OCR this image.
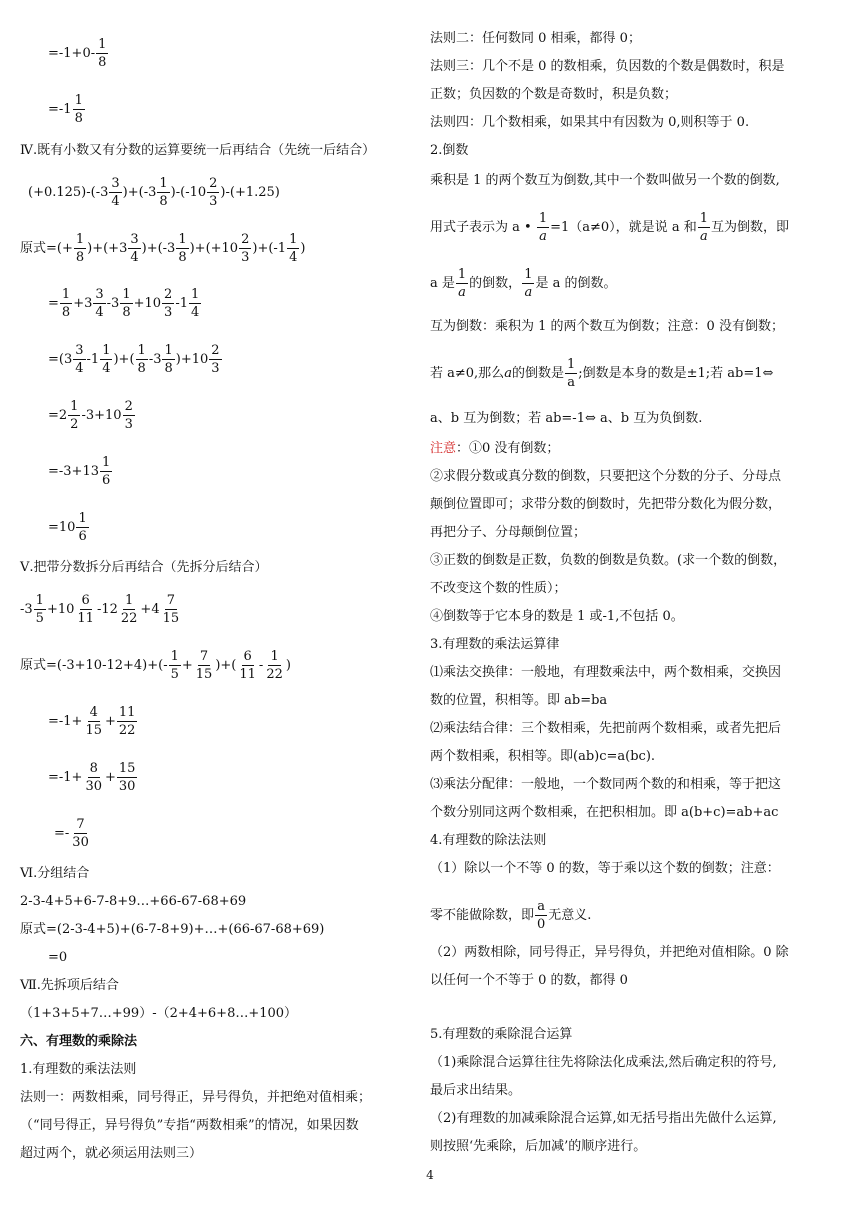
$=-1+0- \frac{1}{8}$
$=-1 \frac{1}{8}$
Ⅳ.既有小数又有分数的运算要统一后再结合（先统一后结合）
$(+0.125)-(-3 \frac{3}{4} )+(-3 \frac{1}{8} )-(-10 \frac{2}{3} )-(+1.25)$
原式=(+ $\frac{1}{8} )+(+3 \frac{3}{4} )+(-3 \frac{1}{8} )+(+10 \frac{2}{3} )+(-1 \frac{1}{4}$ )
= $\frac{1}{8} +3 \frac{3}{4} -3 \frac{1}{8} +10 \frac{2}{3} -1 \frac{1}{4}$
$=(3 \frac{3}{4} -1 \frac{1}{4}$ )+( $\frac{1}{8} -3 \frac{1}{8} )+10 \frac{2}{3}$
$=2 \frac{1}{2} -3+10 \frac{2}{3}$
$=-3+13 \frac{1}{6}$
$=10 \frac{1}{6}$
Ⅴ.把带分数拆分后再结合（先拆分后结合）
$-3 \frac{1}{5} +10 \frac{6}{11} -12 \frac{1}{22} +4 \frac{7}{15}$
原式$=(-3+10-12+4)+(- \frac{1}{5} + \frac{7}{15}$ )+( $\frac{6}{11} - \frac{1}{22}$ )
$=-1+ \frac{4}{15} + \frac{11}{22}$
$=-1+ \frac{8}{30} + \frac{15}{30}$
=- $\frac{7}{30}$
Ⅵ.分组结合
2-3-4+5+6-7-8+9…+66-67-68+69
原式=(2-3-4+5)+(6-7-8+9)+…+(66-67-68+69)
=0
Ⅶ.先拆项后结合
（1+3+5+7…+99）-（2+4+6+8…+100）
六、有理数的乘除法
1.有理数的乘法法则
法则一：两数相乘，同号得正，异号得负，并把绝对值相乘；
（“同号得正，异号得负”专指“两数相乘”的情况，如果因数
超过两个，就必须运用法则三）
法则二：任何数同 0 相乘，都得 0；
法则三：几个不是 0 的数相乘，负因数的个数是偶数时，积是
正数；负因数的个数是奇数时，积是负数；
法则四：几个数相乘，如果其中有因数为 0,则积等于 0.
2.倒数
乘积是 1 的两个数互为倒数,其中一个数叫做另一个数的倒数,
用式子表示为 a • $\frac{1}{a} =1(a\ne 0)$，就是说 a 和 $\frac{1}{a}$ 互为倒数，即
a 是 $\frac{1}{a}$ 的倒数， $\frac{1}{a}$ 是 a 的倒数。
互为倒数：乘积为 1 的两个数互为倒数；注意：0 没有倒数；
若 a≠0,那么a的倒数是 $\frac{1}{a}$ ;倒数是本身的数是±1;若 ab=1⇔
a、b 互为倒数；若 ab=-1⇔ a、b 互为负倒数.
注意：①0 没有倒数；
②求假分数或真分数的倒数，只要把这个分数的分子、分母点
颠倒位置即可；求带分数的倒数时，先把带分数化为假分数，
再把分子、分母颠倒位置；
③正数的倒数是正数，负数的倒数是负数。(求一个数的倒数，
不改变这个数的性质）；
④倒数等于它本身的数是 1 或-1,不包括 0。
3.有理数的乘法运算律
⑴乘法交换律：一般地，有理数乘法中，两个数相乘，交换因
数的位置，积相等。即 ab=ba
⑵乘法结合律：三个数相乘，先把前两个数相乘，或者先把后
两个数相乘，积相等。即(ab)c=a(bc).
⑶乘法分配律：一般地，一个数同两个数的和相乘，等于把这
个数分别同这两个数相乘，在把积相加。即 a(b+c)=ab+ac
4.有理数的除法法则
（1）除以一个不等 0 的数，等于乘以这个数的倒数；注意：
零不能做除数，即 $\frac{a}{0}$ 无意义.
（2）两数相除，同号得正，异号得负，并把绝对值相除。0 除
以任何一个不等于 0 的数，都得 0
5.有理数的乘除混合运算
（1)乘除混合运算往往先将除法化成乘法,然后确定积的符号,
最后求出结果。
（2)有理数的加减乘除混合运算,如无括号指出先做什么运算,
则按照‘先乘除，后加减’的顺序进行。
4
